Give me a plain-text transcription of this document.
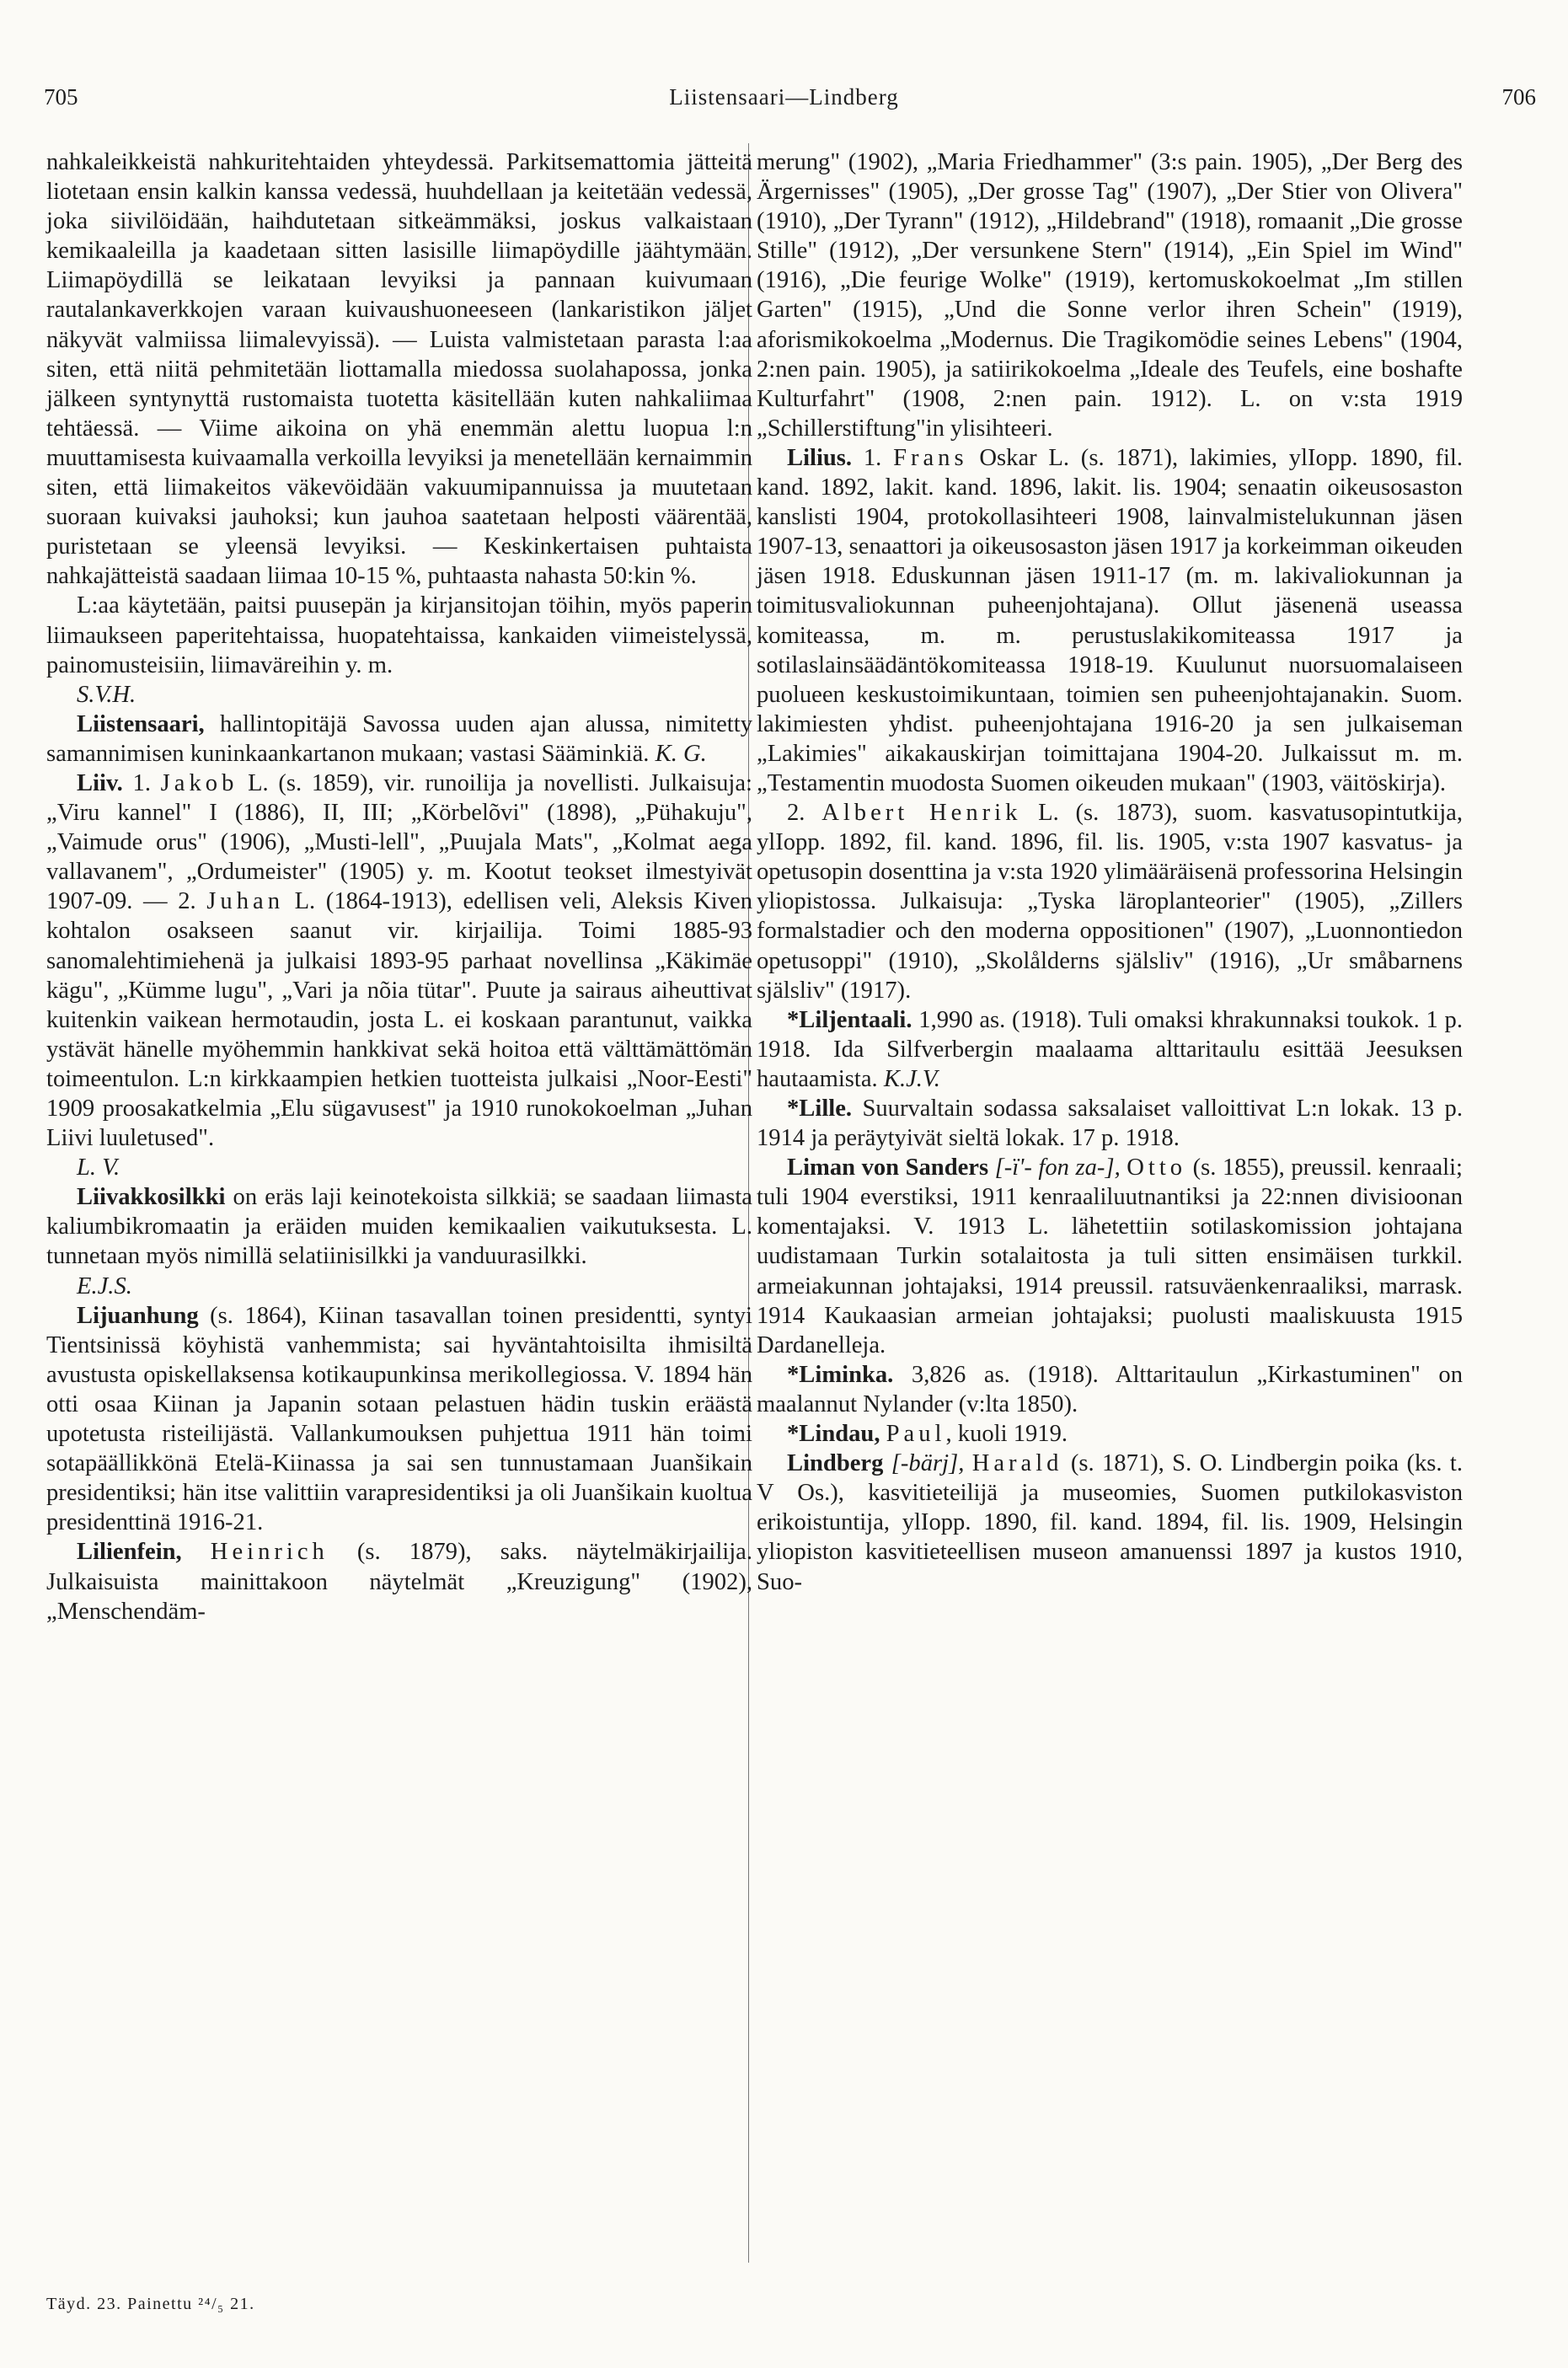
705	Liistensaari—Lindberg	706

nahkaleikkeistä nahkuritehtaiden yhteydessä. Parkitsemattomia jätteitä liotetaan ensin kalkin kanssa vedessä, huuhdellaan ja keitetään vedessä, joka siivilöidään, haihdutetaan sitkeämmäksi, joskus valkaistaan kemikaaleilla ja kaadetaan sitten lasisille liimapöydille jäähtymään. Liimapöydillä se leikataan levyiksi ja pannaan kuivumaan rautalankaverkkojen varaan kuivaushuoneeseen (lankaristikon jäljet näkyvät valmiissa liimalevyissä). — Luista valmistetaan parasta l:aa siten, että niitä pehmitetään liottamalla miedossa suolahapossa, jonka jälkeen syntynyttä rustomaista tuotetta käsitellään kuten nahkaliimaa tehtäessä. — Viime aikoina on yhä enemmän alettu luopua l:n muuttamisesta kuivaamalla verkoilla levyiksi ja menetellään kernaimmin siten, että liimakeitos väkevöidään vakuumipannuissa ja muutetaan suoraan kuivaksi jauhoksi; kun jauhoa saatetaan helposti väärentää, puristetaan se yleensä levyiksi. — Keskinkertaisen puhtaista nahkajätteistä saadaan liimaa 10-15 %, puhtaasta nahasta 50:kin %.

L:aa käytetään, paitsi puusepän ja kirjansitojan töihin, myös paperin liimaukseen paperitehtaissa, huopatehtaissa, kankaiden viimeistelyssä, painomusteisiin, liimaväreihin y. m.
S.V.H.

Liistensaari, hallintopitäjä Savossa uuden ajan alussa, nimitetty samannimisen kuninkaankartanon mukaan; vastasi Sääminkiä. K. G.

Liiv. 1. Jakob L. (s. 1859), vir. runoilija ja novellisti. Julkaisuja: „Viru kannel" I (1886), II, III; „Körbelõvi" (1898), „Pühakuju", „Vaimude orus" (1906), „Musti-lell", „Puujala Mats", „Kolmat aega vallavanem", „Ordumeister" (1905) y. m. Kootut teokset ilmestyivät 1907-09. — 2. Juhan L. (1864-1913), edellisen veli, Aleksis Kiven kohtalon osakseen saanut vir. kirjailija. Toimi 1885-93 sanomalehtimiehenä ja julkaisi 1893-95 parhaat novellinsa „Käkimäe kägu", „Kümme lugu", „Vari ja nõia tütar". Puute ja sairaus aiheuttivat kuitenkin vaikean hermotaudin, josta L. ei koskaan parantunut, vaikka ystävät hänelle myöhemmin hankkivat sekä hoitoa että välttämättömän toimeentulon. L:n kirkkaampien hetkien tuotteista julkaisi „Noor-Eesti" 1909 proosakatkelmia „Elu sügavusest" ja 1910 runokokoelman „Juhan Liivi luuletused".
L. V.

Liivakkosilkki on eräs laji keinotekoista silkkiä; se saadaan liimasta kaliumbikromaatin ja eräiden muiden kemikaalien vaikutuksesta. L. tunnetaan myös nimillä selatiinisilkki ja vanduurasilkki.
E.J.S.

Lijuanhung (s. 1864), Kiinan tasavallan toinen presidentti, syntyi Tientsinissä köyhistä vanhemmista; sai hyväntahtoisilta ihmisiltä avustusta opiskellaksensa kotikaupunkinsa merikollegiossa. V. 1894 hän otti osaa Kiinan ja Japanin sotaan pelastuen hädin tuskin eräästä upotetusta risteilijästä. Vallankumouksen puhjettua 1911 hän toimi sotapäällikkönä Etelä-Kiinassa ja sai sen tunnustamaan Juanšikain presidentiksi; hän itse valittiin varapresidentiksi ja oli Juanšikain kuoltua presidenttinä 1916-21.

Lilienfein, Heinrich (s. 1879), saks. näytelmäkirjailija. Julkaisuista mainittakoon näytelmät „Kreuzigung" (1902), „Menschendäm-

merung" (1902), „Maria Friedhammer" (3:s pain. 1905), „Der Berg des Ärgernisses" (1905), „Der grosse Tag" (1907), „Der Stier von Olivera" (1910), „Der Tyrann" (1912), „Hildebrand" (1918), romaanit „Die grosse Stille" (1912), „Der versunkene Stern" (1914), „Ein Spiel im Wind" (1916), „Die feurige Wolke" (1919), kertomuskokoelmat „Im stillen Garten" (1915), „Und die Sonne verlor ihren Schein" (1919), aforismikokoelma „Modernus. Die Tragikomödie seines Lebens" (1904, 2:nen pain. 1905), ja satiirikokoelma „Ideale des Teufels, eine boshafte Kulturfahrt" (1908, 2:nen pain. 1912). L. on v:sta 1919 „Schillerstiftung"in ylisihteeri.

Lilius. 1. Frans Oskar L. (s. 1871), lakimies, ylIopp. 1890, fil. kand. 1892, lakit. kand. 1896, lakit. lis. 1904; senaatin oikeusosaston kanslisti 1904, protokollasihteeri 1908, lainvalmistelukunnan jäsen 1907-13, senaattori ja oikeusosaston jäsen 1917 ja korkeimman oikeuden jäsen 1918. Eduskunnan jäsen 1911-17 (m. m. lakivaliokunnan ja toimitusvaliokunnan puheenjohtajana). Ollut jäsenenä useassa komiteassa, m. m. perustuslakikomiteassa 1917 ja sotilaslainsäädäntökomiteassa 1918-19. Kuulunut nuorsuomalaiseen puolueen keskustoimikuntaan, toimien sen puheenjohtajanakin. Suom. lakimiesten yhdist. puheenjohtajana 1916-20 ja sen julkaiseman „Lakimies" aikakauskirjan toimittajana 1904-20. Julkaissut m. m. „Testamentin muodosta Suomen oikeuden mukaan" (1903, väitöskirja).

2. Albert Henrik L. (s. 1873), suom. kasvatusopintutkija, ylIopp. 1892, fil. kand. 1896, fil. lis. 1905, v:sta 1907 kasvatus- ja opetusopin dosenttina ja v:sta 1920 ylimääräisenä professorina Helsingin yliopistossa. Julkaisuja: „Tyska läroplanteorier" (1905), „Zillers formalstadier och den moderna oppositionen" (1907), „Luonnontiedon opetusoppi" (1910), „Skolålderns själsliv" (1916), „Ur småbarnens själsliv" (1917).

*Liljentaali. 1,990 as. (1918). Tuli omaksi khrakunnaksi toukok. 1 p. 1918. Ida Silfverbergin maalaama alttaritaulu esittää Jeesuksen hautaamista. K.J.V.

*Lille. Suurvaltain sodassa saksalaiset valloittivat L:n lokak. 13 p. 1914 ja peräytyivät sieltä lokak. 17 p. 1918.

Liman von Sanders [-ï'- fon za-], Otto (s. 1855), preussil. kenraali; tuli 1904 everstiksi, 1911 kenraaliluutnantiksi ja 22:nnen divisioonan komentajaksi. V. 1913 L. lähetettiin sotilaskomission johtajana uudistamaan Turkin sotalaitosta ja tuli sitten ensimäisen turkkil. armeiakunnan johtajaksi, 1914 preussil. ratsuväenkenraaliksi, marrask. 1914 Kaukaasian armeian johtajaksi; puolusti maaliskuusta 1915 Dardanelleja.

*Liminka. 3,826 as. (1918). Alttaritaulun „Kirkastuminen" on maalannut Nylander (v:lta 1850).

*Lindau, Paul, kuoli 1919.

Lindberg [-bärj], Harald (s. 1871), S. O. Lindbergin poika (ks. t. V Os.), kasvitieteilijä ja museomies, Suomen putkilokasviston erikoistuntija, ylIopp. 1890, fil. kand. 1894, fil. lis. 1909, Helsingin yliopiston kasvitieteellisen museon amanuenssi 1897 ja kustos 1910, Suo-

Täyd. 23. Painettu ²⁴/₅ 21.
